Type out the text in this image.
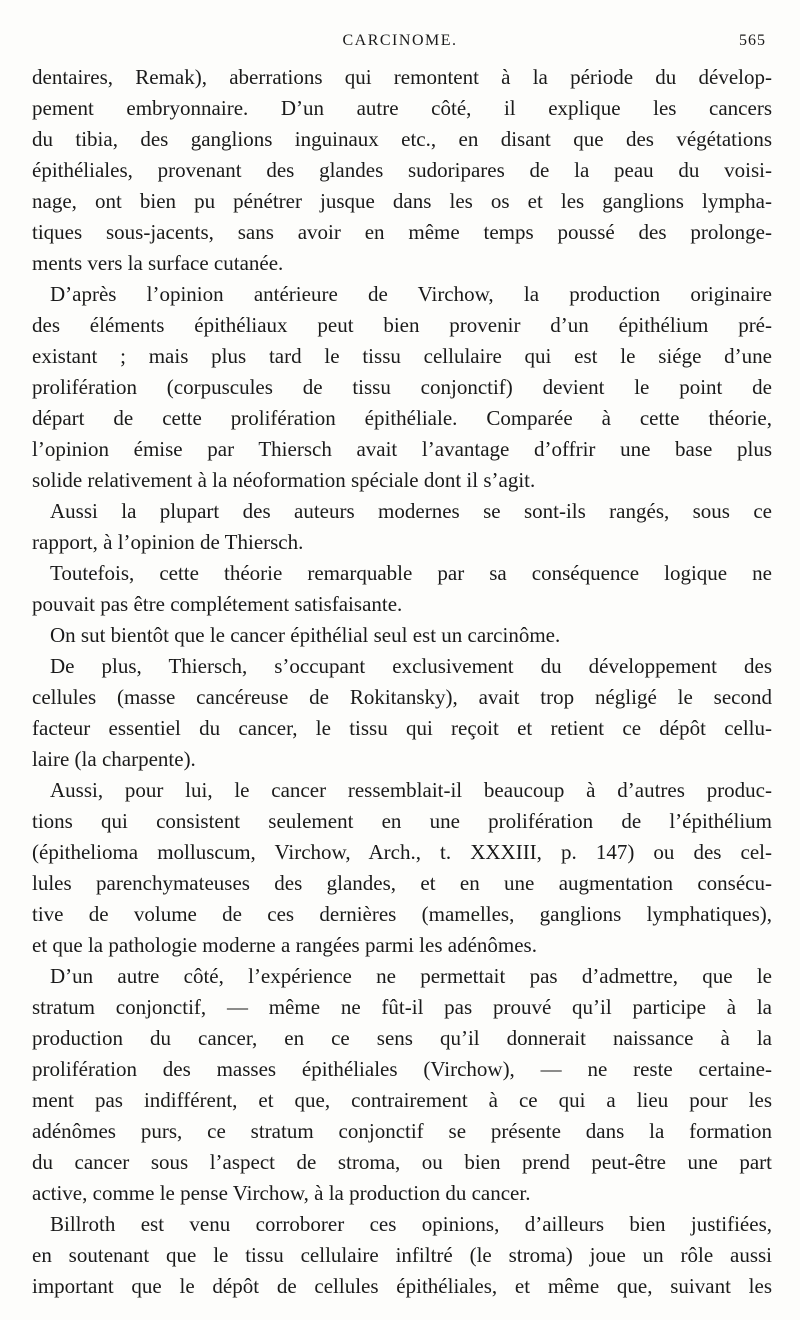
CARCINOME.	565
dentaires, Remak), aberrations qui remontent à la période du dévelop-
pement embryonnaire. D’un autre côté, il explique les cancers
du tibia, des ganglions inguinaux etc., en disant que des végétations
épithéliales, provenant des glandes sudoripares de la peau du voisi-
nage, ont bien pu pénétrer jusque dans les os et les ganglions lympha-
tiques sous-jacents, sans avoir en même temps poussé des prolonge-
ments vers la surface cutanée.
D’après l’opinion antérieure de Virchow, la production originaire
des éléments épithéliaux peut bien provenir d’un épithélium pré-
existant ; mais plus tard le tissu cellulaire qui est le siége d’une
prolifération (corpuscules de tissu conjonctif) devient le point de
départ de cette prolifération épithéliale. Comparée à cette théorie,
l’opinion émise par Thiersch avait l’avantage d’offrir une base plus
solide relativement à la néoformation spéciale dont il s’agit.
Aussi la plupart des auteurs modernes se sont-ils rangés, sous ce
rapport, à l’opinion de Thiersch.
Toutefois, cette théorie remarquable par sa conséquence logique ne
pouvait pas être complétement satisfaisante.
On sut bientôt que le cancer épithélial seul est un carcinôme.
De plus, Thiersch, s’occupant exclusivement du développement des
cellules (masse cancéreuse de Rokitansky), avait trop négligé le second
facteur essentiel du cancer, le tissu qui reçoit et retient ce dépôt cellu-
laire (la charpente).
Aussi, pour lui, le cancer ressemblait-il beaucoup à d’autres produc-
tions qui consistent seulement en une prolifération de l’épithélium
(épithelioma molluscum, Virchow, Arch., t. XXXIII, p. 147) ou des cel-
lules parenchymateuses des glandes, et en une augmentation consécu-
tive de volume de ces dernières (mamelles, ganglions lymphatiques),
et que la pathologie moderne a rangées parmi les adénômes.
D’un autre côté, l’expérience ne permettait pas d’admettre, que le
stratum conjonctif, — même ne fût-il pas prouvé qu’il participe à la
production du cancer, en ce sens qu’il donnerait naissance à la
prolifération des masses épithéliales (Virchow), — ne reste certaine-
ment pas indifférent, et que, contrairement à ce qui a lieu pour les
adénômes purs, ce stratum conjonctif se présente dans la formation
du cancer sous l’aspect de stroma, ou bien prend peut-être une part
active, comme le pense Virchow, à la production du cancer.
Billroth est venu corroborer ces opinions, d’ailleurs bien justifiées,
en soutenant que le tissu cellulaire infiltré (le stroma) joue un rôle aussi
important que le dépôt de cellules épithéliales, et même que, suivant les
